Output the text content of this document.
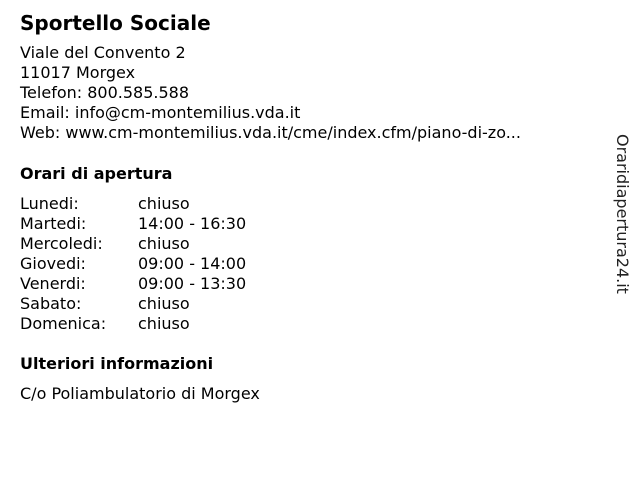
Sportello Sociale
Viale del Convento 2
11017 Morgex
Telefon: 800.585.588
Email: info@cm-montemilius.vda.it
Web: www.cm-montemilius.vda.it/cme/index.cfm/piano-di-zo...
Orari di apertura
Lunedi:	chiuso
Martedi:	14:00 - 16:30
Mercoledi: chiuso
Giovedi:	09:00 - 14:00
Venerdi:	09:00 - 13:30
Sabato:	chiuso
Domenica: chiuso
Ulteriori informazioni
C/o Poliambulatorio di Morgex
Oraridiapertura24.it
